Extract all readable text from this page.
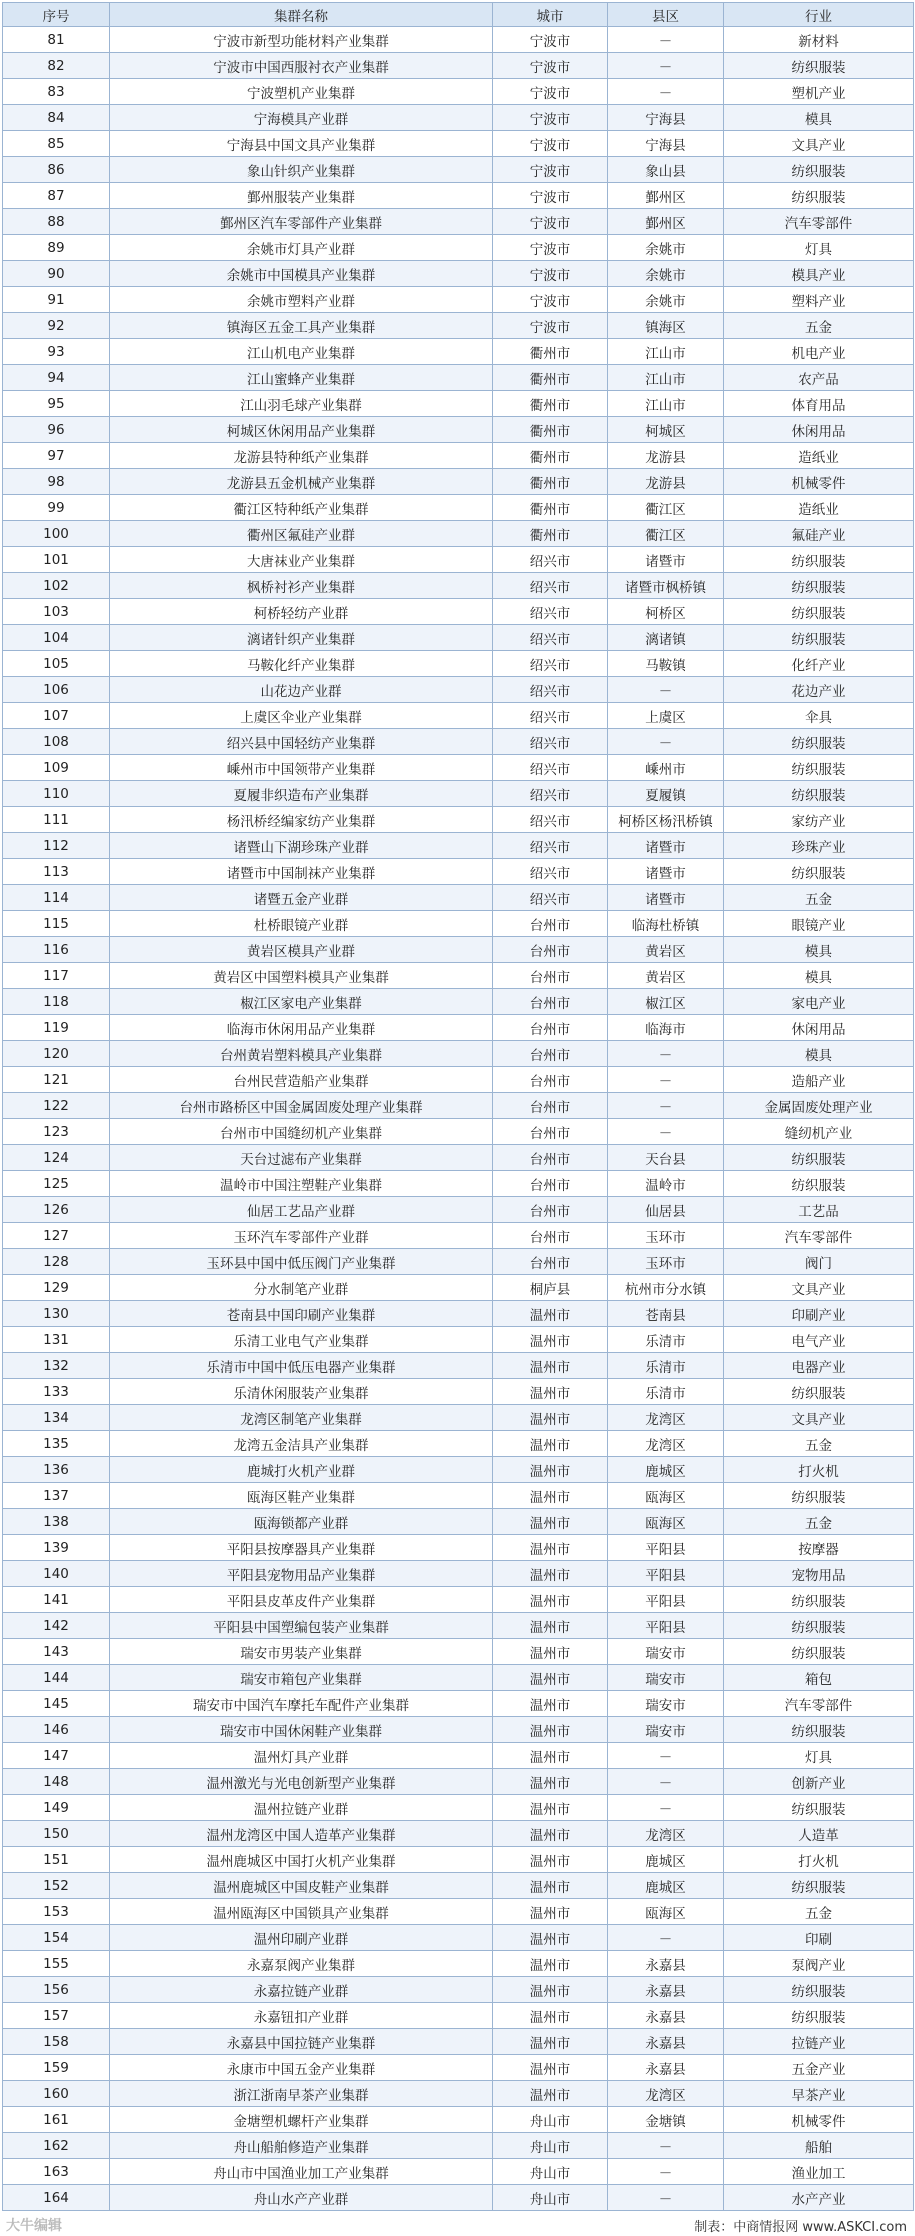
序号	集群名称	城市	县区	行业
81	宁波市新型功能材料产业集群	宁波市	－	新材料
82	宁波市中国西服衬衣产业集群	宁波市	－	纺织服装
83	宁波塑机产业集群	宁波市	－	塑机产业
84	宁海模具产业群	宁波市	宁海县	模具
85	宁海县中国文具产业集群	宁波市	宁海县	文具产业
86	象山针织产业集群	宁波市	象山县	纺织服装
87	鄞州服装产业集群	宁波市	鄞州区	纺织服装
88	鄞州区汽车零部件产业集群	宁波市	鄞州区	汽车零部件
89	余姚市灯具产业群	宁波市	余姚市	灯具
90	余姚市中国模具产业集群	宁波市	余姚市	模具产业
91	余姚市塑料产业群	宁波市	余姚市	塑料产业
92	镇海区五金工具产业集群	宁波市	镇海区	五金
93	江山机电产业集群	衢州市	江山市	机电产业
94	江山蜜蜂产业集群	衢州市	江山市	农产品
95	江山羽毛球产业集群	衢州市	江山市	体育用品
96	柯城区休闲用品产业集群	衢州市	柯城区	休闲用品
97	龙游县特种纸产业集群	衢州市	龙游县	造纸业
98	龙游县五金机械产业集群	衢州市	龙游县	机械零件
99	衢江区特种纸产业集群	衢州市	衢江区	造纸业
100	衢州区氟硅产业群	衢州市	衢江区	氟硅产业
101	大唐袜业产业集群	绍兴市	诸暨市	纺织服装
102	枫桥衬衫产业集群	绍兴市	诸暨市枫桥镇	纺织服装
103	柯桥轻纺产业群	绍兴市	柯桥区	纺织服装
104	漓诸针织产业集群	绍兴市	漓诸镇	纺织服装
105	马鞍化纤产业集群	绍兴市	马鞍镇	化纤产业
106	山花边产业群	绍兴市	－	花边产业
107	上虞区伞业产业集群	绍兴市	上虞区	伞具
108	绍兴县中国轻纺产业集群	绍兴市	－	纺织服装
109	嵊州市中国领带产业集群	绍兴市	嵊州市	纺织服装
110	夏履非织造布产业集群	绍兴市	夏履镇	纺织服装
111	杨汛桥经编家纺产业集群	绍兴市	柯桥区杨汛桥镇	家纺产业
112	诸暨山下湖珍珠产业群	绍兴市	诸暨市	珍珠产业
113	诸暨市中国制袜产业集群	绍兴市	诸暨市	纺织服装
114	诸暨五金产业群	绍兴市	诸暨市	五金
115	杜桥眼镜产业群	台州市	临海杜桥镇	眼镜产业
116	黄岩区模具产业群	台州市	黄岩区	模具
117	黄岩区中国塑料模具产业集群	台州市	黄岩区	模具
118	椒江区家电产业集群	台州市	椒江区	家电产业
119	临海市休闲用品产业集群	台州市	临海市	休闲用品
120	台州黄岩塑料模具产业集群	台州市	－	模具
121	台州民营造船产业集群	台州市	－	造船产业
122	台州市路桥区中国金属固废处理产业集群	台州市	－	金属固废处理产业
123	台州市中国缝纫机产业集群	台州市	－	缝纫机产业
124	天台过滤布产业集群	台州市	天台县	纺织服装
125	温岭市中国注塑鞋产业集群	台州市	温岭市	纺织服装
126	仙居工艺品产业群	台州市	仙居县	工艺品
127	玉环汽车零部件产业群	台州市	玉环市	汽车零部件
128	玉环县中国中低压阀门产业集群	台州市	玉环市	阀门
129	分水制笔产业群	桐庐县	杭州市分水镇	文具产业
130	苍南县中国印刷产业集群	温州市	苍南县	印刷产业
131	乐清工业电气产业集群	温州市	乐清市	电气产业
132	乐清市中国中低压电器产业集群	温州市	乐清市	电器产业
133	乐清休闲服装产业集群	温州市	乐清市	纺织服装
134	龙湾区制笔产业集群	温州市	龙湾区	文具产业
135	龙湾五金洁具产业集群	温州市	龙湾区	五金
136	鹿城打火机产业群	温州市	鹿城区	打火机
137	瓯海区鞋产业集群	温州市	瓯海区	纺织服装
138	瓯海锁都产业群	温州市	瓯海区	五金
139	平阳县按摩器具产业集群	温州市	平阳县	按摩器
140	平阳县宠物用品产业集群	温州市	平阳县	宠物用品
141	平阳县皮革皮件产业集群	温州市	平阳县	纺织服装
142	平阳县中国塑编包装产业集群	温州市	平阳县	纺织服装
143	瑞安市男装产业集群	温州市	瑞安市	纺织服装
144	瑞安市箱包产业集群	温州市	瑞安市	箱包
145	瑞安市中国汽车摩托车配件产业集群	温州市	瑞安市	汽车零部件
146	瑞安市中国休闲鞋产业集群	温州市	瑞安市	纺织服装
147	温州灯具产业群	温州市	－	灯具
148	温州激光与光电创新型产业集群	温州市	－	创新产业
149	温州拉链产业群	温州市	－	纺织服装
150	温州龙湾区中国人造革产业集群	温州市	龙湾区	人造革
151	温州鹿城区中国打火机产业集群	温州市	鹿城区	打火机
152	温州鹿城区中国皮鞋产业集群	温州市	鹿城区	纺织服装
153	温州瓯海区中国锁具产业集群	温州市	瓯海区	五金
154	温州印刷产业群	温州市	－	印刷
155	永嘉泵阀产业集群	温州市	永嘉县	泵阀产业
156	永嘉拉链产业群	温州市	永嘉县	纺织服装
157	永嘉钮扣产业群	温州市	永嘉县	纺织服装
158	永嘉县中国拉链产业集群	温州市	永嘉县	拉链产业
159	永康市中国五金产业集群	温州市	永嘉县	五金产业
160	浙江浙南早茶产业集群	温州市	龙湾区	早茶产业
161	金塘塑机螺杆产业集群	舟山市	金塘镇	机械零件
162	舟山船舶修造产业集群	舟山市	－	船舶
163	舟山市中国渔业加工产业集群	舟山市	－	渔业加工
164	舟山水产产业群	舟山市	－	水产产业
大牛编辑	制表：中商情报网 www.ASKCI.com
